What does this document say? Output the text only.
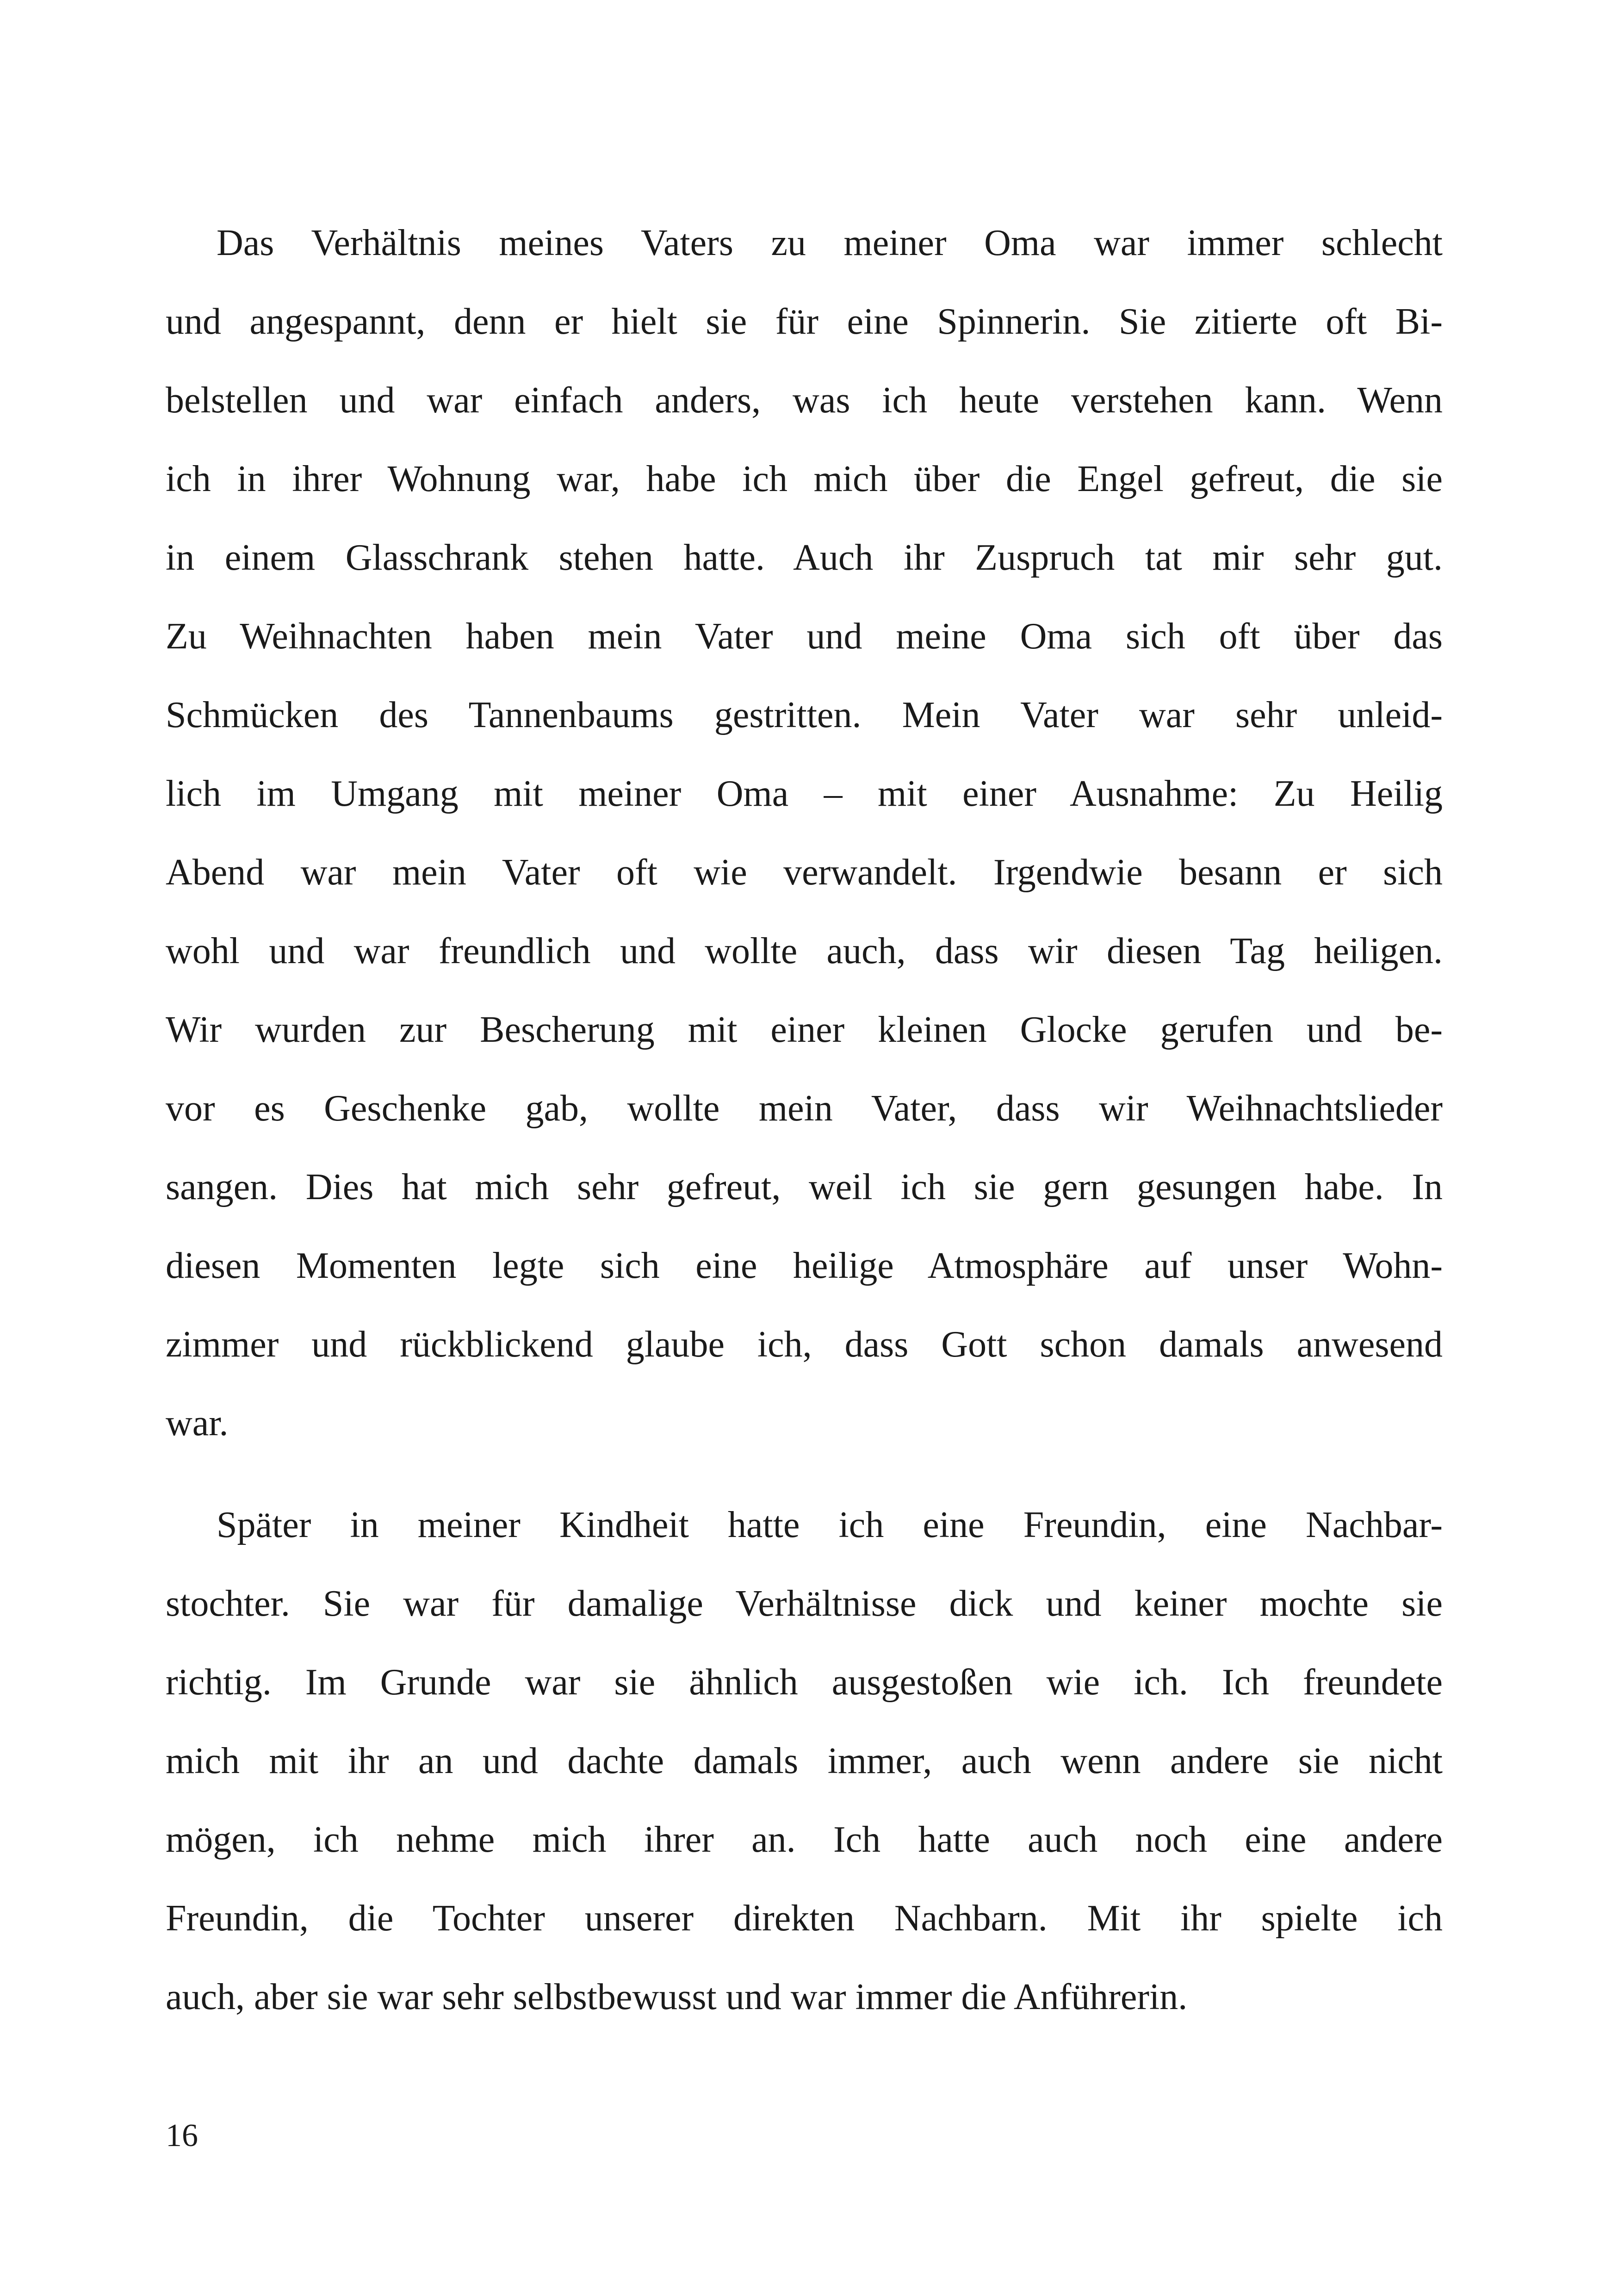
Das Verhältnis meines Vaters zu meiner Oma war immer schlecht
und angespannt, denn er hielt sie für eine Spinnerin. Sie zitierte oft Bi-
belstellen und war einfach anders, was ich heute verstehen kann. Wenn
ich in ihrer Wohnung war, habe ich mich über die Engel gefreut, die sie
in einem Glasschrank stehen hatte. Auch ihr Zuspruch tat mir sehr gut.
Zu Weihnachten haben mein Vater und meine Oma sich oft über das
Schmücken des Tannenbaums gestritten. Mein Vater war sehr unleid-
lich im Umgang mit meiner Oma – mit einer Ausnahme: Zu Heilig
Abend war mein Vater oft wie verwandelt. Irgendwie besann er sich
wohl und war freundlich und wollte auch, dass wir diesen Tag heiligen.
Wir wurden zur Bescherung mit einer kleinen Glocke gerufen und be-
vor es Geschenke gab, wollte mein Vater, dass wir Weihnachtslieder
sangen. Dies hat mich sehr gefreut, weil ich sie gern gesungen habe. In
diesen Momenten legte sich eine heilige Atmosphäre auf unser Wohn-
zimmer und rückblickend glaube ich, dass Gott schon damals anwesend
war.
Später in meiner Kindheit hatte ich eine Freundin, eine Nachbar-
stochter. Sie war für damalige Verhältnisse dick und keiner mochte sie
richtig. Im Grunde war sie ähnlich ausgestoßen wie ich. Ich freundete
mich mit ihr an und dachte damals immer, auch wenn andere sie nicht
mögen, ich nehme mich ihrer an. Ich hatte auch noch eine andere
Freundin, die Tochter unserer direkten Nachbarn. Mit ihr spielte ich
auch, aber sie war sehr selbstbewusst und war immer die Anführerin.
16
